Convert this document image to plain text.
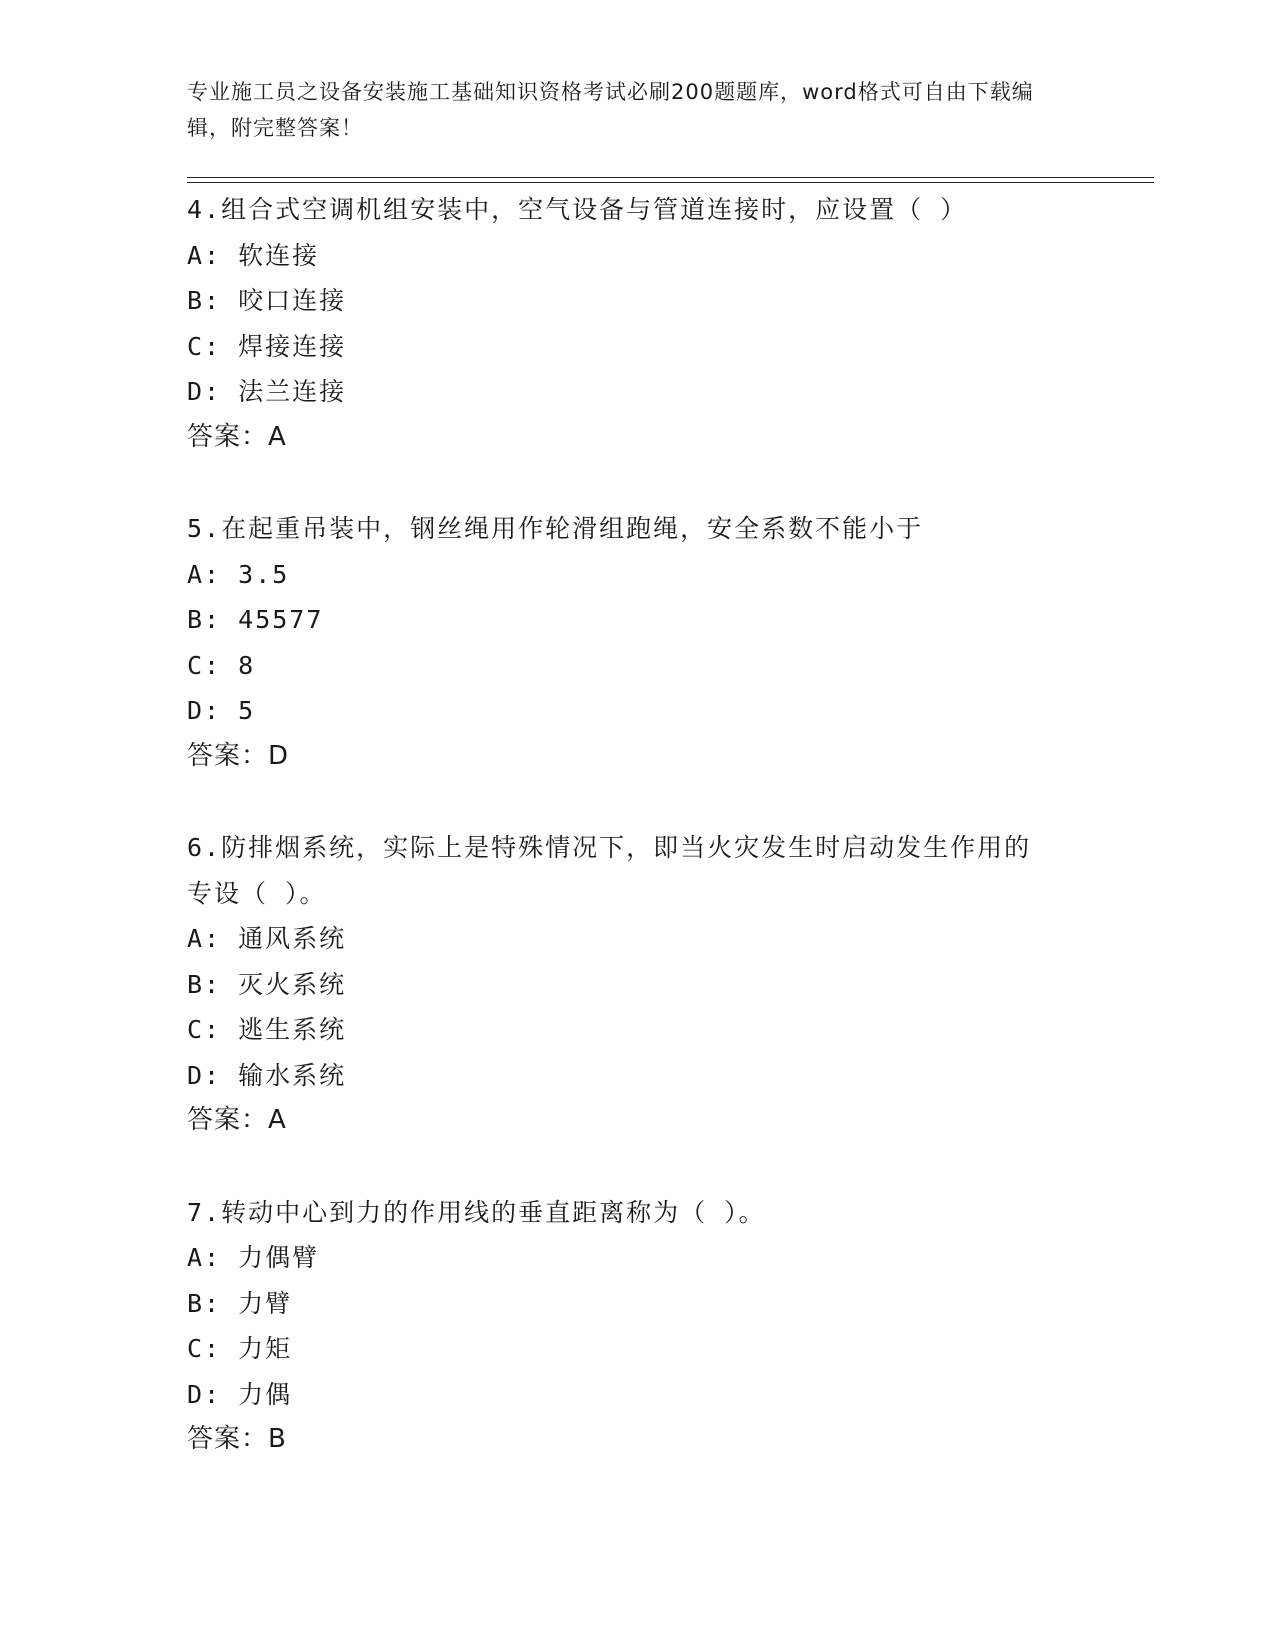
专业施工员之设备安装施工基础知识资格考试必刷200题题库，word格式可自由下载编辑，附完整答案！
4.组合式空调机组安装中，空气设备与管道连接时，应设置（ ）
A: 软连接
B: 咬口连接
C: 焊接连接
D: 法兰连接
答案：A
5.在起重吊装中，钢丝绳用作轮滑组跑绳，安全系数不能小于
A: 3.5
B: 45577
C: 8
D: 5
答案：D
6.防排烟系统，实际上是特殊情况下，即当火灾发生时启动发生作用的专设（ ）。
A: 通风系统
B: 灭火系统
C: 逃生系统
D: 输水系统
答案：A
7.转动中心到力的作用线的垂直距离称为（ ）。
A: 力偶臂
B: 力臂
C: 力矩
D: 力偶
答案：B
